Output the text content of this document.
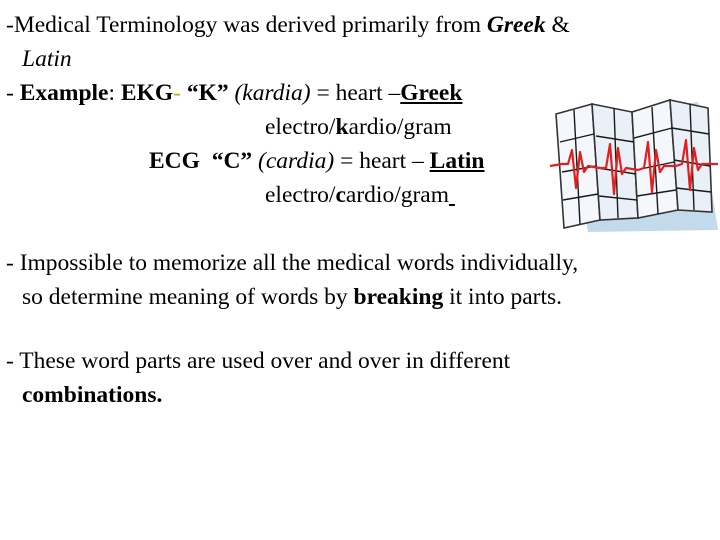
-Medical Terminology was derived primarily from Greek &
Latin
- Example: EKG- “K” (kardia) = heart –Greek
electro/kardio/gram
ECG “C” (cardia) = heart – Latin
electro/cardio/gram
- Impossible to memorize all the medical words individually,
so determine meaning of words by breaking it into parts.
- These word parts are used over and over in different
combinations.
